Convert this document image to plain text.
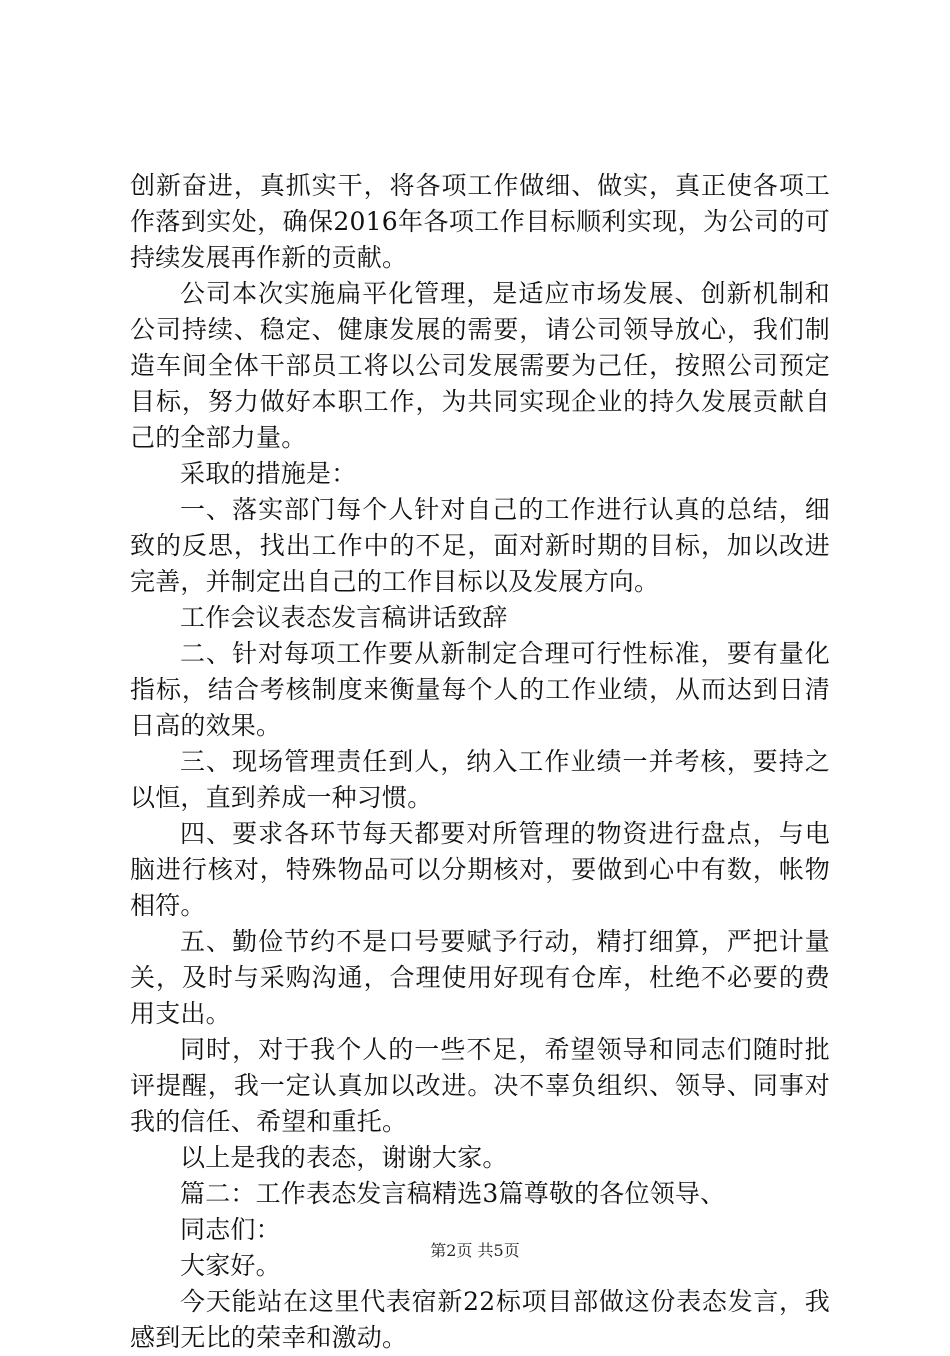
创新奋进，真抓实干，将各项工作做细、做实，真正使各项工作落到实处，确保2016年各项工作目标顺利实现，为公司的可持续发展再作新的贡献。

公司本次实施扁平化管理，是适应市场发展、创新机制和公司持续、稳定、健康发展的需要，请公司领导放心，我们制造车间全体干部员工将以公司发展需要为己任，按照公司预定目标，努力做好本职工作，为共同实现企业的持久发展贡献自己的全部力量。

采取的措施是：

一、落实部门每个人针对自己的工作进行认真的总结，细致的反思，找出工作中的不足，面对新时期的目标，加以改进完善，并制定出自己的工作目标以及发展方向。

工作会议表态发言稿讲话致辞

二、针对每项工作要从新制定合理可行性标准，要有量化指标，结合考核制度来衡量每个人的工作业绩，从而达到日清日高的效果。

三、现场管理责任到人，纳入工作业绩一并考核，要持之以恒，直到养成一种习惯。

四、要求各环节每天都要对所管理的物资进行盘点，与电脑进行核对，特殊物品可以分期核对，要做到心中有数，帐物相符。

五、勤俭节约不是口号要赋予行动，精打细算，严把计量关，及时与采购沟通，合理使用好现有仓库，杜绝不必要的费用支出。

同时，对于我个人的一些不足，希望领导和同志们随时批评提醒，我一定认真加以改进。决不辜负组织、领导、同事对我的信任、希望和重托。

以上是我的表态，谢谢大家。

篇二：工作表态发言稿精选3篇尊敬的各位领导、

同志们：

大家好。

今天能站在这里代表宿新22标项目部做这份表态发言，我感到无比的荣幸和激动。

第2页 共5页
